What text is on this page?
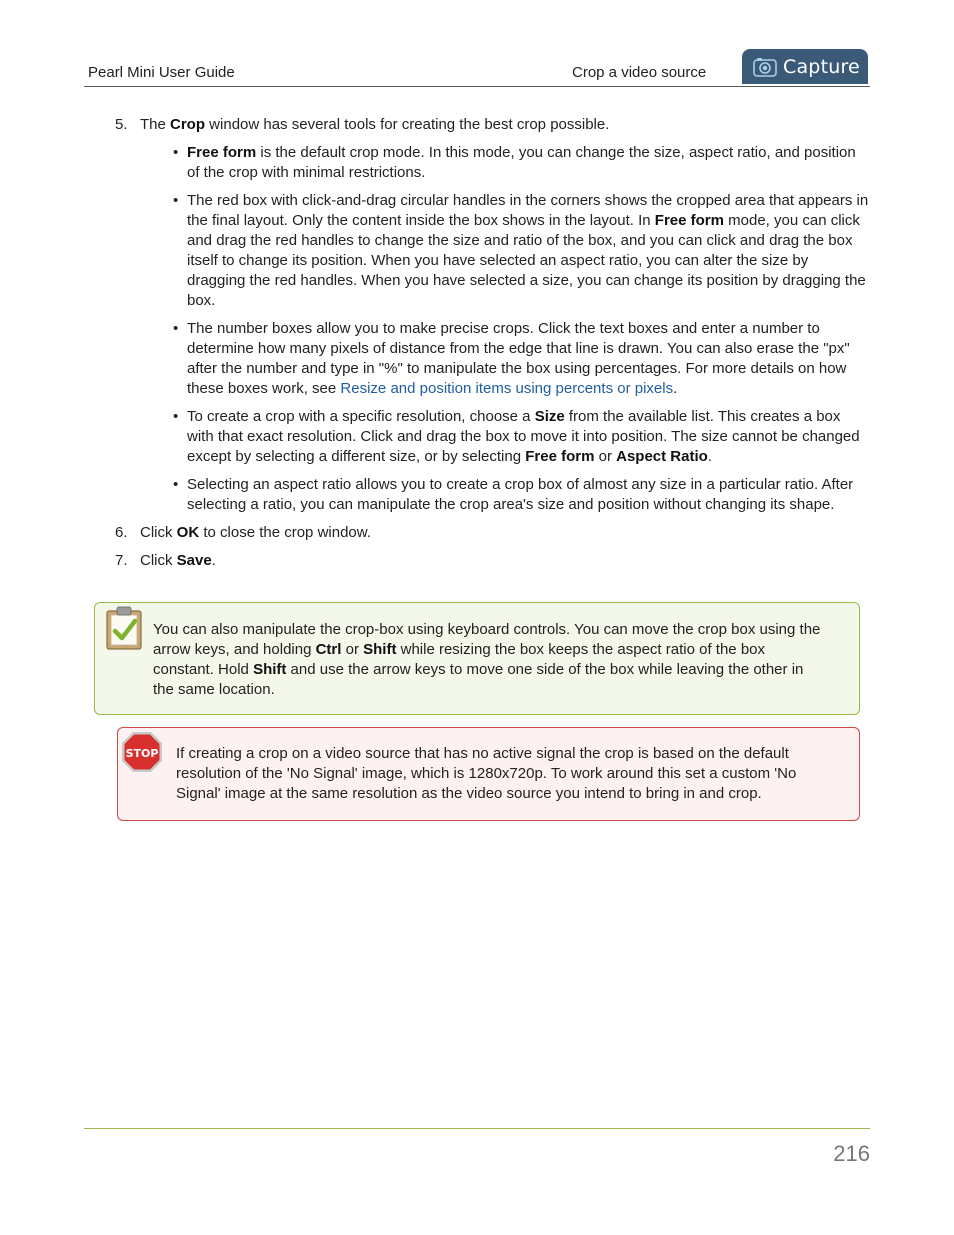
Pearl Mini User Guide	Crop a video source	Capture
5. The Crop window has several tools for creating the best crop possible.
• Free form is the default crop mode. In this mode, you can change the size, aspect ratio, and position of the crop with minimal restrictions.
• The red box with click-and-drag circular handles in the corners shows the cropped area that appears in the final layout. Only the content inside the box shows in the layout. In Free form mode, you can click and drag the red handles to change the size and ratio of the box, and you can click and drag the box itself to change its position. When you have selected an aspect ratio, you can alter the size by dragging the red handles. When you have selected a size, you can change its position by dragging the box.
• The number boxes allow you to make precise crops. Click the text boxes and enter a number to determine how many pixels of distance from the edge that line is drawn. You can also erase the "px" after the number and type in "%" to manipulate the box using percentages. For more details on how these boxes work, see Resize and position items using percents or pixels.
• To create a crop with a specific resolution, choose a Size from the available list. This creates a box with that exact resolution. Click and drag the box to move it into position. The size cannot be changed except by selecting a different size, or by selecting Free form or Aspect Ratio.
• Selecting an aspect ratio allows you to create a crop box of almost any size in a particular ratio. After selecting a ratio, you can manipulate the crop area's size and position without changing its shape.
6. Click OK to close the crop window.
7. Click Save.
You can also manipulate the crop-box using keyboard controls. You can move the crop box using the arrow keys, and holding Ctrl or Shift while resizing the box keeps the aspect ratio of the box constant. Hold Shift and use the arrow keys to move one side of the box while leaving the other in the same location.
STOP If creating a crop on a video source that has no active signal the crop is based on the default resolution of the 'No Signal' image, which is 1280x720p. To work around this set a custom 'No Signal' image at the same resolution as the video source you intend to bring in and crop.
216
